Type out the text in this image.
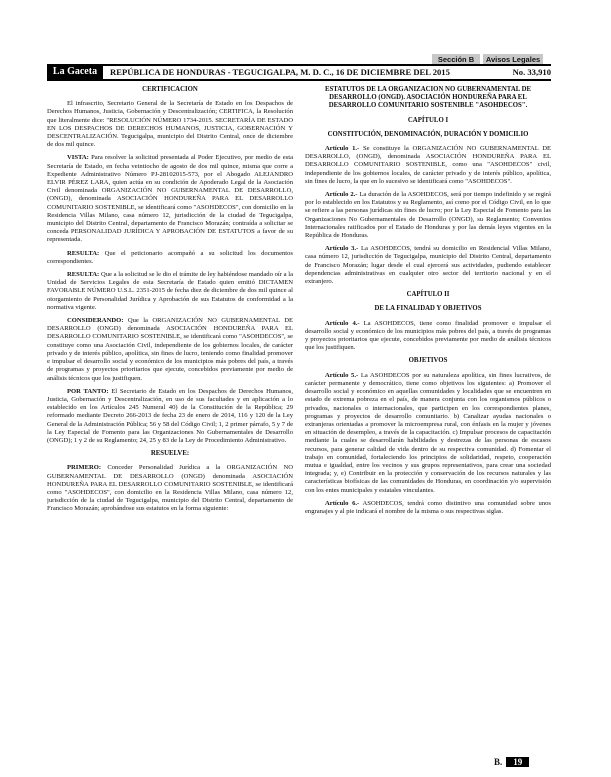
Sección B	Avisos Legales
La Gaceta	REPÚBLICA DE HONDURAS - TEGUCIGALPA, M. D. C., 16 DE DICIEMBRE DEL 2015	No. 33,910
CERTIFICACIÓN

El infrascrito, Secretario General de la Secretaría de Estado en los Despachos de Derechos Humanos, Justicia, Gobernación y Descentralización; CERTIFICA, la Resolución que literalmente dice: "RESOLUCIÓN NÚMERO 1734-2015. SECRETARÍA DE ESTADO EN LOS DESPACHOS DE DERECHOS HUMANOS, JUSTICIA, GOBERNACIÓN Y DESCENTRALIZACIÓN. Tegucigalpa, municipio del Distrito Central, once de diciembre de dos mil quince.

VISTA: Para resolver la solicitud presentada al Poder Ejecutivo, por medio de esta Secretaría de Estado, en fecha veintiocho de agosto de dos mil quince, misma que corre a Expediente Administrativo Número PJ-28102015-573, por el Abogado ALEJANDRO ELVIR PÉREZ LARA, quien actúa en su condición de Apoderado Legal de la Asociación Civil denominada ORGANIZACIÓN NO GUBERNAMENTAL DE DESARROLLO, (ONGD), denominada ASOCIACIÓN HONDUREÑA PARA EL DESARROLLO COMUNITARIO SOSTENIBLE, se identificará como "ASOHDECOS", con domicilio en la Residencia Villas Milano, casa número 12, jurisdicción de la ciudad de Tegucigalpa, municipio del Distrito Central, departamento de Francisco Morazán; contraída a solicitar se conceda PERSONALIDAD JURÍDICA Y APROBACIÓN DE ESTATUTOS a favor de su representada.

RESULTA: Que el peticionario acompañó a su solicitud los documentos correspondientes.

RESULTA: Que a la solicitud se le dio el trámite de ley habiéndose mandado oír a la Unidad de Servicios Legales de esta Secretaría de Estado quien emitió DICTAMEN FAVORABLE NÚMERO U.S.L. 2351-2015 de fecha diez de diciembre de dos mil quince al otorgamiento de Personalidad Jurídica y Aprobación de sus Estatutos de conformidad a la normativa vigente.

CONSIDERANDO: Que la ORGANIZACIÓN NO GUBERNAMENTAL DE DESARROLLO (ONGD) denominada ASOCIACIÓN HONDUREÑA PARA EL DESARROLLO COMUNITARIO SOSTENIBLE, se identificará como "ASOHDECOS", se constituye como una Asociación Civil, independiente de los gobiernos locales, de carácter privado y de interés público, apolítica, sin fines de lucro, teniendo como finalidad promover e impulsar el desarrollo social y económico de los municipios más pobres del país, a través de programas y proyectos prioritarios que ejecute, concebidos previamente por medio de análisis técnicos que los justifiquen.

POR TANTO: El Secretario de Estado en los Despachos de Derechos Humanos, Justicia, Gobernación y Descentralización, en uso de sus facultades y en aplicación a lo establecido en los Artículos 245 Numeral 40) de la Constitución de la República; 29 reformado mediante Decreto 266-2013 de fecha 23 de enero de 2014, 116 y 120 de la Ley General de la Administración Pública; 56 y 58 del Código Civil; 1, 2 primer párrafo, 5 y 7 de la Ley Especial de Fomento para las Organizaciones No Gubernamentales de Desarrollo (ONGD); 1 y 2 de su Reglamento; 24, 25 y 83 de la Ley de Procedimiento Administrativo.

RESUELVE:

PRIMERO: Conceder Personalidad Jurídica a la ORGANIZACIÓN NO GUBERNAMENTAL DE DESARROLLO (ONGD) denominada ASOCIACIÓN HONDUREÑA PARA EL DESARROLLO COMUNITARIO SOSTENIBLE, se identificará como "ASOHDECOS", con domicilio en la Residencia Villas Milano, casa número 12, jurisdicción de la ciudad de Tegucigalpa, municipio del Distrito Central, departamento de Francisco Morazán; aprobándose sus estatutos en la forma siguiente:

ESTATUTOS DE LA ORGANIZACIÓN NO GUBERNAMENTAL DE DESARROLLO (ONGD). ASOCIACIÓN HONDUREÑA PARA EL DESARROLLO COMUNITARIO SOSTENIBLE "ASOHDECOS".
CAPÍTULO I
CONSTITUCIÓN, DENOMINACIÓN, DURACIÓN Y DOMICILIO

Artículo 1.- Se constituye la ORGANIZACIÓN NO GUBERNAMENTAL DE DESARROLLO, (ONGD), denominada ASOCIACIÓN HONDUREÑA PARA EL DESARROLLO COMUNITARIO SOSTENIBLE, como una "ASOHDECOS" civil, independiente de los gobiernos locales, de carácter privado y de interés público, apolítica, sin fines de lucro, la que en lo sucesivo se identificará como "ASOHDECOS".

Artículo 2.- La duración de la ASOHDECOS, será por tiempo indefinido y se regirá por lo establecido en los Estatutos y su Reglamento, así como por el Código Civil, en lo que se refiere a las personas jurídicas sin fines de lucro; por la Ley Especial de Fomento para las Organizaciones No Gubernamentales de Desarrollo (ONGD), su Reglamento; Convenios Internacionales ratificados por el Estado de Honduras y por las demás leyes vigentes en la República de Honduras.

Artículo 3.- La ASOHDECOS, tendrá su domicilio en Residencial Villas Milano, casa número 12, jurisdicción de Tegucigalpa, municipio del Distrito Central, departamento de Francisco Morazán; lugar desde el cual ejercerá sus actividades, pudiendo establecer dependencias administrativas en cualquier otro sector del territorio nacional y en el extranjero.

CAPÍTULO II
DE LA FINALIDAD Y OBJETIVOS

Artículo 4.- La ASOHDECOS, tiene como finalidad promover e impulsar el desarrollo social y económico de los municipios más pobres del país, a través de programas y proyectos prioritarios que ejecute, concebidos previamente por medio de análisis técnicos que los justifiquen.

OBJETIVOS

Artículo 5.- La ASOHDECOS por su naturaleza apolítica, sin fines lucrativos, de carácter permanente y democrático, tiene como objetivos los siguientes: a) Promover el desarrollo social y económico en aquellas comunidades y localidades que se encuentren en estado de extrema pobreza en el país, de manera conjunta con los organismos públicos o privados, nacionales o internacionales, que participen en los correspondientes planes, programas y proyectos de desarrollo comunitario. b) Canalizar ayudas nacionales o extranjeras orientadas a promover la microempresa rural, con énfasis en la mujer y jóvenes en situación de desempleo, a través de la capacitación. c) Impulsar procesos de capacitación mediante la cuales se desarrollarán habilidades y destrezas de las personas de escasos recursos, para generar calidad de vida dentro de su respectiva comunidad. d) Fomentar el trabajo en comunidad, fortaleciendo los principios de solidaridad, respeto, cooperación mutua e igualdad, entre los vecinos y sus grupos representativos, para crear una sociedad integrada; y, e) Contribuir en la protección y conservación de los recursos naturales y las características biofísicas de las comunidades de Honduras, en coordinación y/o supervisión con los entes municipales y estatales vinculantes.

Artículo 6.- ASOHDECOS, tendrá como distintivo una comunidad sobre unos engranajes y al pie indicará el nombre de la misma o sus respectivas siglas.

B. 19
